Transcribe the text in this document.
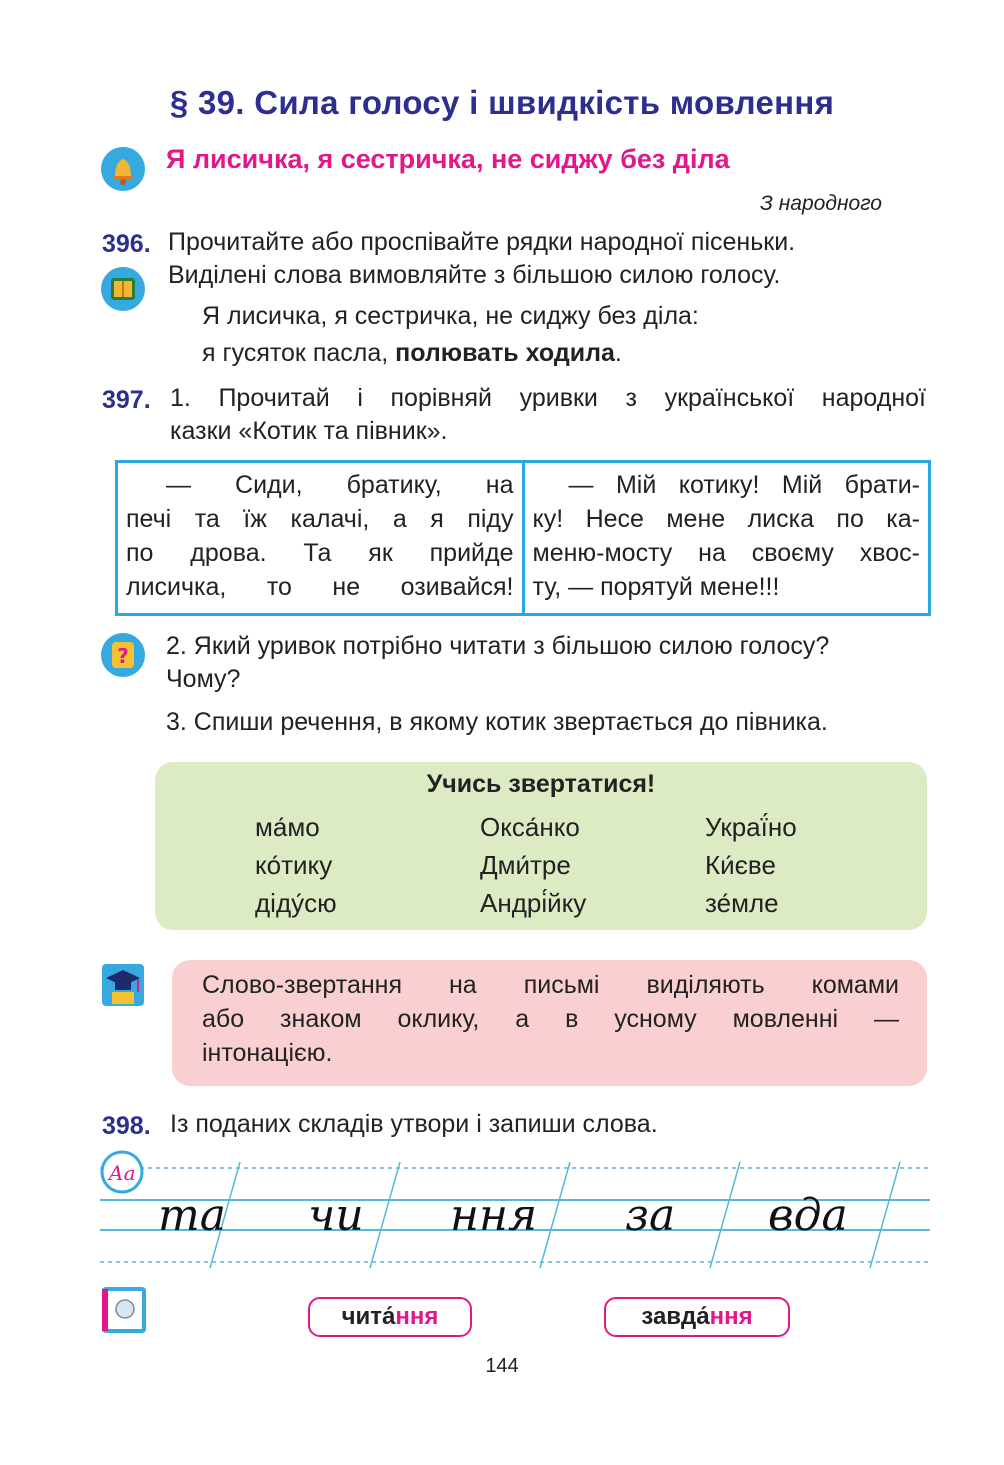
§ 39. Сила голосу і швидкість мовлення
Я лисичка, я сестричка, не сиджу без діла
З народного
396. Прочитайте або проспівайте рядки народної пісеньки.
Виділені слова вимовляйте з більшою силою голосу.
Я лисичка, я сестричка, не сиджу без діла:
я гусяток пасла, полювать ходила.
397. 1. Прочитай і порівняй уривки з української народної
казки «Котик та півник».
— Сиди, братику, на
печі та їж калачі, а я піду
по дрова. Та як прийде
лисичка, то не озивайся!
— Мій котику! Мій брати-
ку! Несе мене лиска по ка-
меню-мосту на своєму хвос-
ту, — порятуй мене!!!
? 2. Який уривок потрібно читати з більшою силою голосу?
Чому?
3. Спиши речення, в якому котик звертається до півника.
Учись звертатися!
ма́мо
ко́тику
діду́сю
Окса́нко
Дми́тре
Андрі́йку
Украї́но
Ки́єве
зе́мле
Слово-звертання на письмі виділяють комами
або знаком оклику, а в усному мовленні —
інтонацією.
398. Із поданих складів утвори і запиши слова.
Аа
та чи ння за вда
чита́ ння	завда́ ння
144
